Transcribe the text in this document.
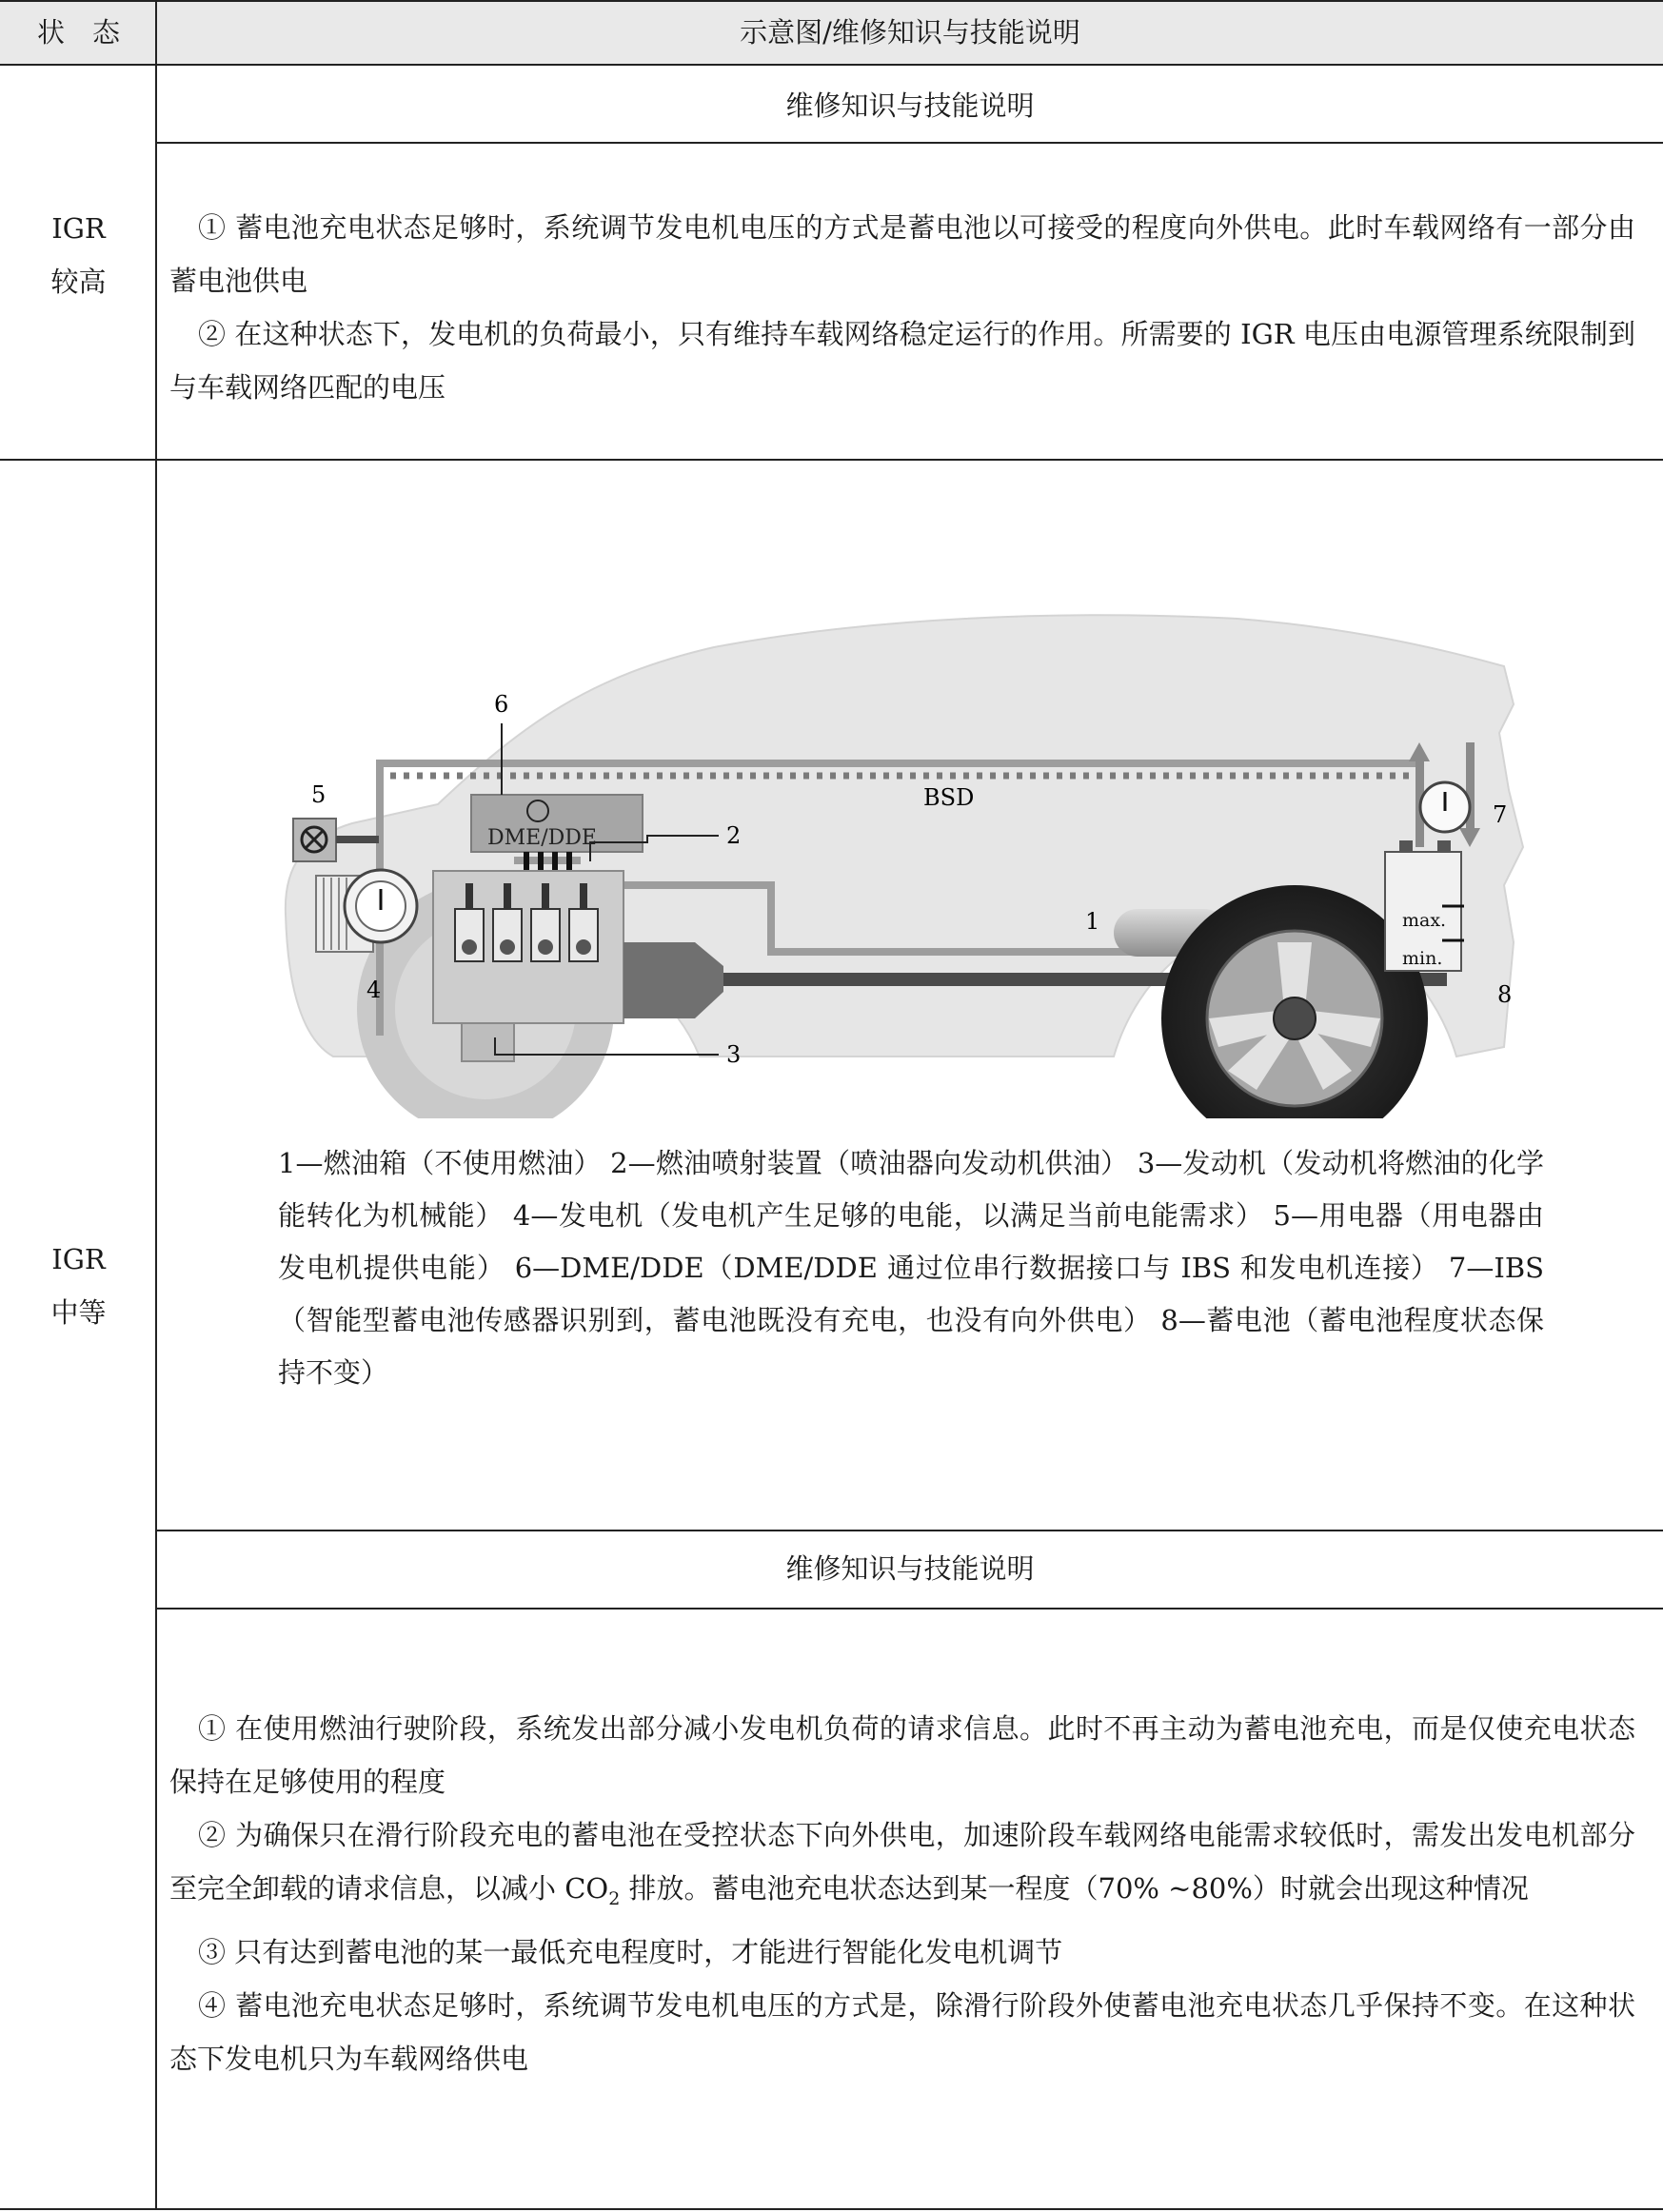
状　态	示意图/维修知识与技能说明
IGR
较高
维修知识与技能说明

① 蓄电池充电状态足够时，系统调节发电机电压的方式是蓄电池以可接受的程度向外供电。此时车载网络有一部分由蓄电池供电

② 在这种状态下，发电机的负荷最小，只有维持车载网络稳定运行的作用。所需要的 IGR 电压由电源管理系统限制到与车载网络匹配的电压

IGR
中等
DME/DDE
max.
min.
1
2
3
4
5
6
7
8
BSD
1—燃油箱（不使用燃油） 2—燃油喷射装置（喷油器向发动机供油） 3—发动机（发动机将燃油的化学能转化为机械能） 4—发电机（发电机产生足够的电能，以满足当前电能需求） 5—用电器（用电器由发电机提供电能） 6—DME/DDE（DME/DDE 通过位串行数据接口与 IBS 和发电机连接） 7—IBS（智能型蓄电池传感器识别到，蓄电池既没有充电，也没有向外供电） 8—蓄电池（蓄电池程度状态保持不变）
维修知识与技能说明

① 在使用燃油行驶阶段，系统发出部分减小发电机负荷的请求信息。此时不再主动为蓄电池充电，而是仅使充电状态保持在足够使用的程度

② 为确保只在滑行阶段充电的蓄电池在受控状态下向外供电，加速阶段车载网络电能需求较低时，需发出发电机部分至完全卸载的请求信息，以减小 $CO_2$ 排放。蓄电池充电状态达到某一程度（70% ~80%）时就会出现这种情况

③ 只有达到蓄电池的某一最低充电程度时，才能进行智能化发电机调节

④ 蓄电池充电状态足够时，系统调节发电机电压的方式是，除滑行阶段外使蓄电池充电状态几乎保持不变。在这种状态下发电机只为车载网络供电
